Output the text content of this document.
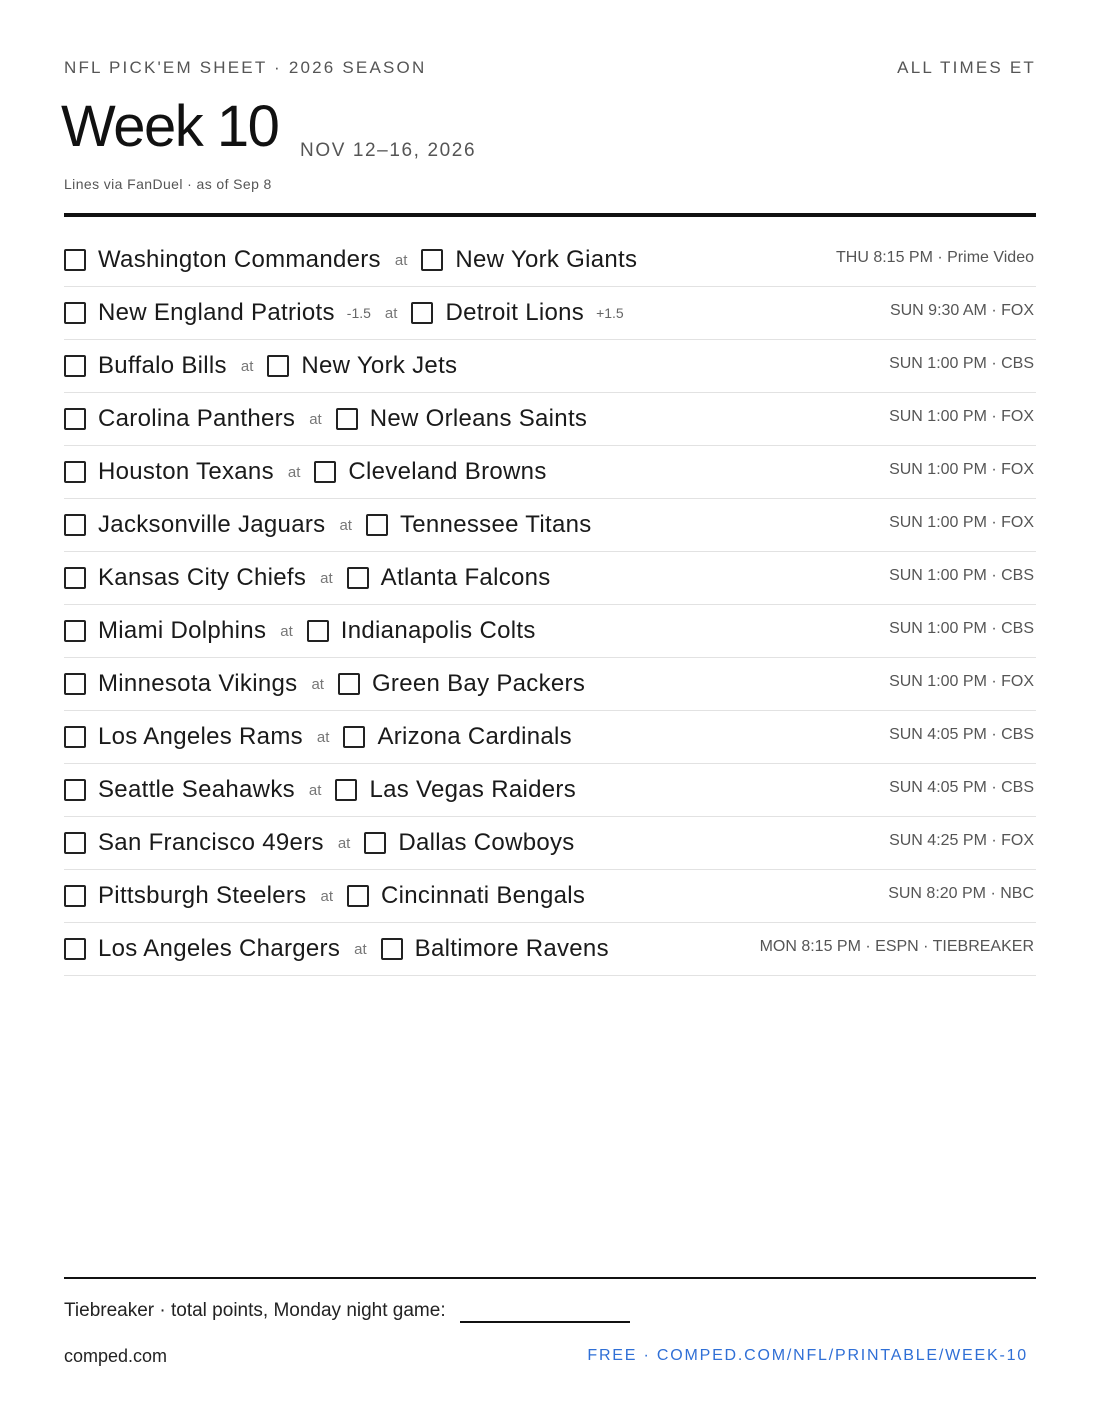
NFL PICK'EM SHEET · 2026 SEASON	ALL TIMES ET
Week 10 NOV 12–16, 2026
Lines via FanDuel · as of Sep 8
Washington Commanders at New York Giants	THU 8:15 PM · Prime Video
New England Patriots -1.5 at Detroit Lions +1.5	SUN 9:30 AM · FOX
Buffalo Bills at New York Jets	SUN 1:00 PM · CBS
Carolina Panthers at New Orleans Saints	SUN 1:00 PM · FOX
Houston Texans at Cleveland Browns	SUN 1:00 PM · FOX
Jacksonville Jaguars at Tennessee Titans	SUN 1:00 PM · FOX
Kansas City Chiefs at Atlanta Falcons	SUN 1:00 PM · CBS
Miami Dolphins at Indianapolis Colts	SUN 1:00 PM · CBS
Minnesota Vikings at Green Bay Packers	SUN 1:00 PM · FOX
Los Angeles Rams at Arizona Cardinals	SUN 4:05 PM · CBS
Seattle Seahawks at Las Vegas Raiders	SUN 4:05 PM · CBS
San Francisco 49ers at Dallas Cowboys	SUN 4:25 PM · FOX
Pittsburgh Steelers at Cincinnati Bengals	SUN 8:20 PM · NBC
Los Angeles Chargers at Baltimore Ravens	MON 8:15 PM · ESPN · TIEBREAKER
Tiebreaker · total points, Monday night game:
comped.com	FREE · COMPED.COM/NFL/PRINTABLE/WEEK-10
